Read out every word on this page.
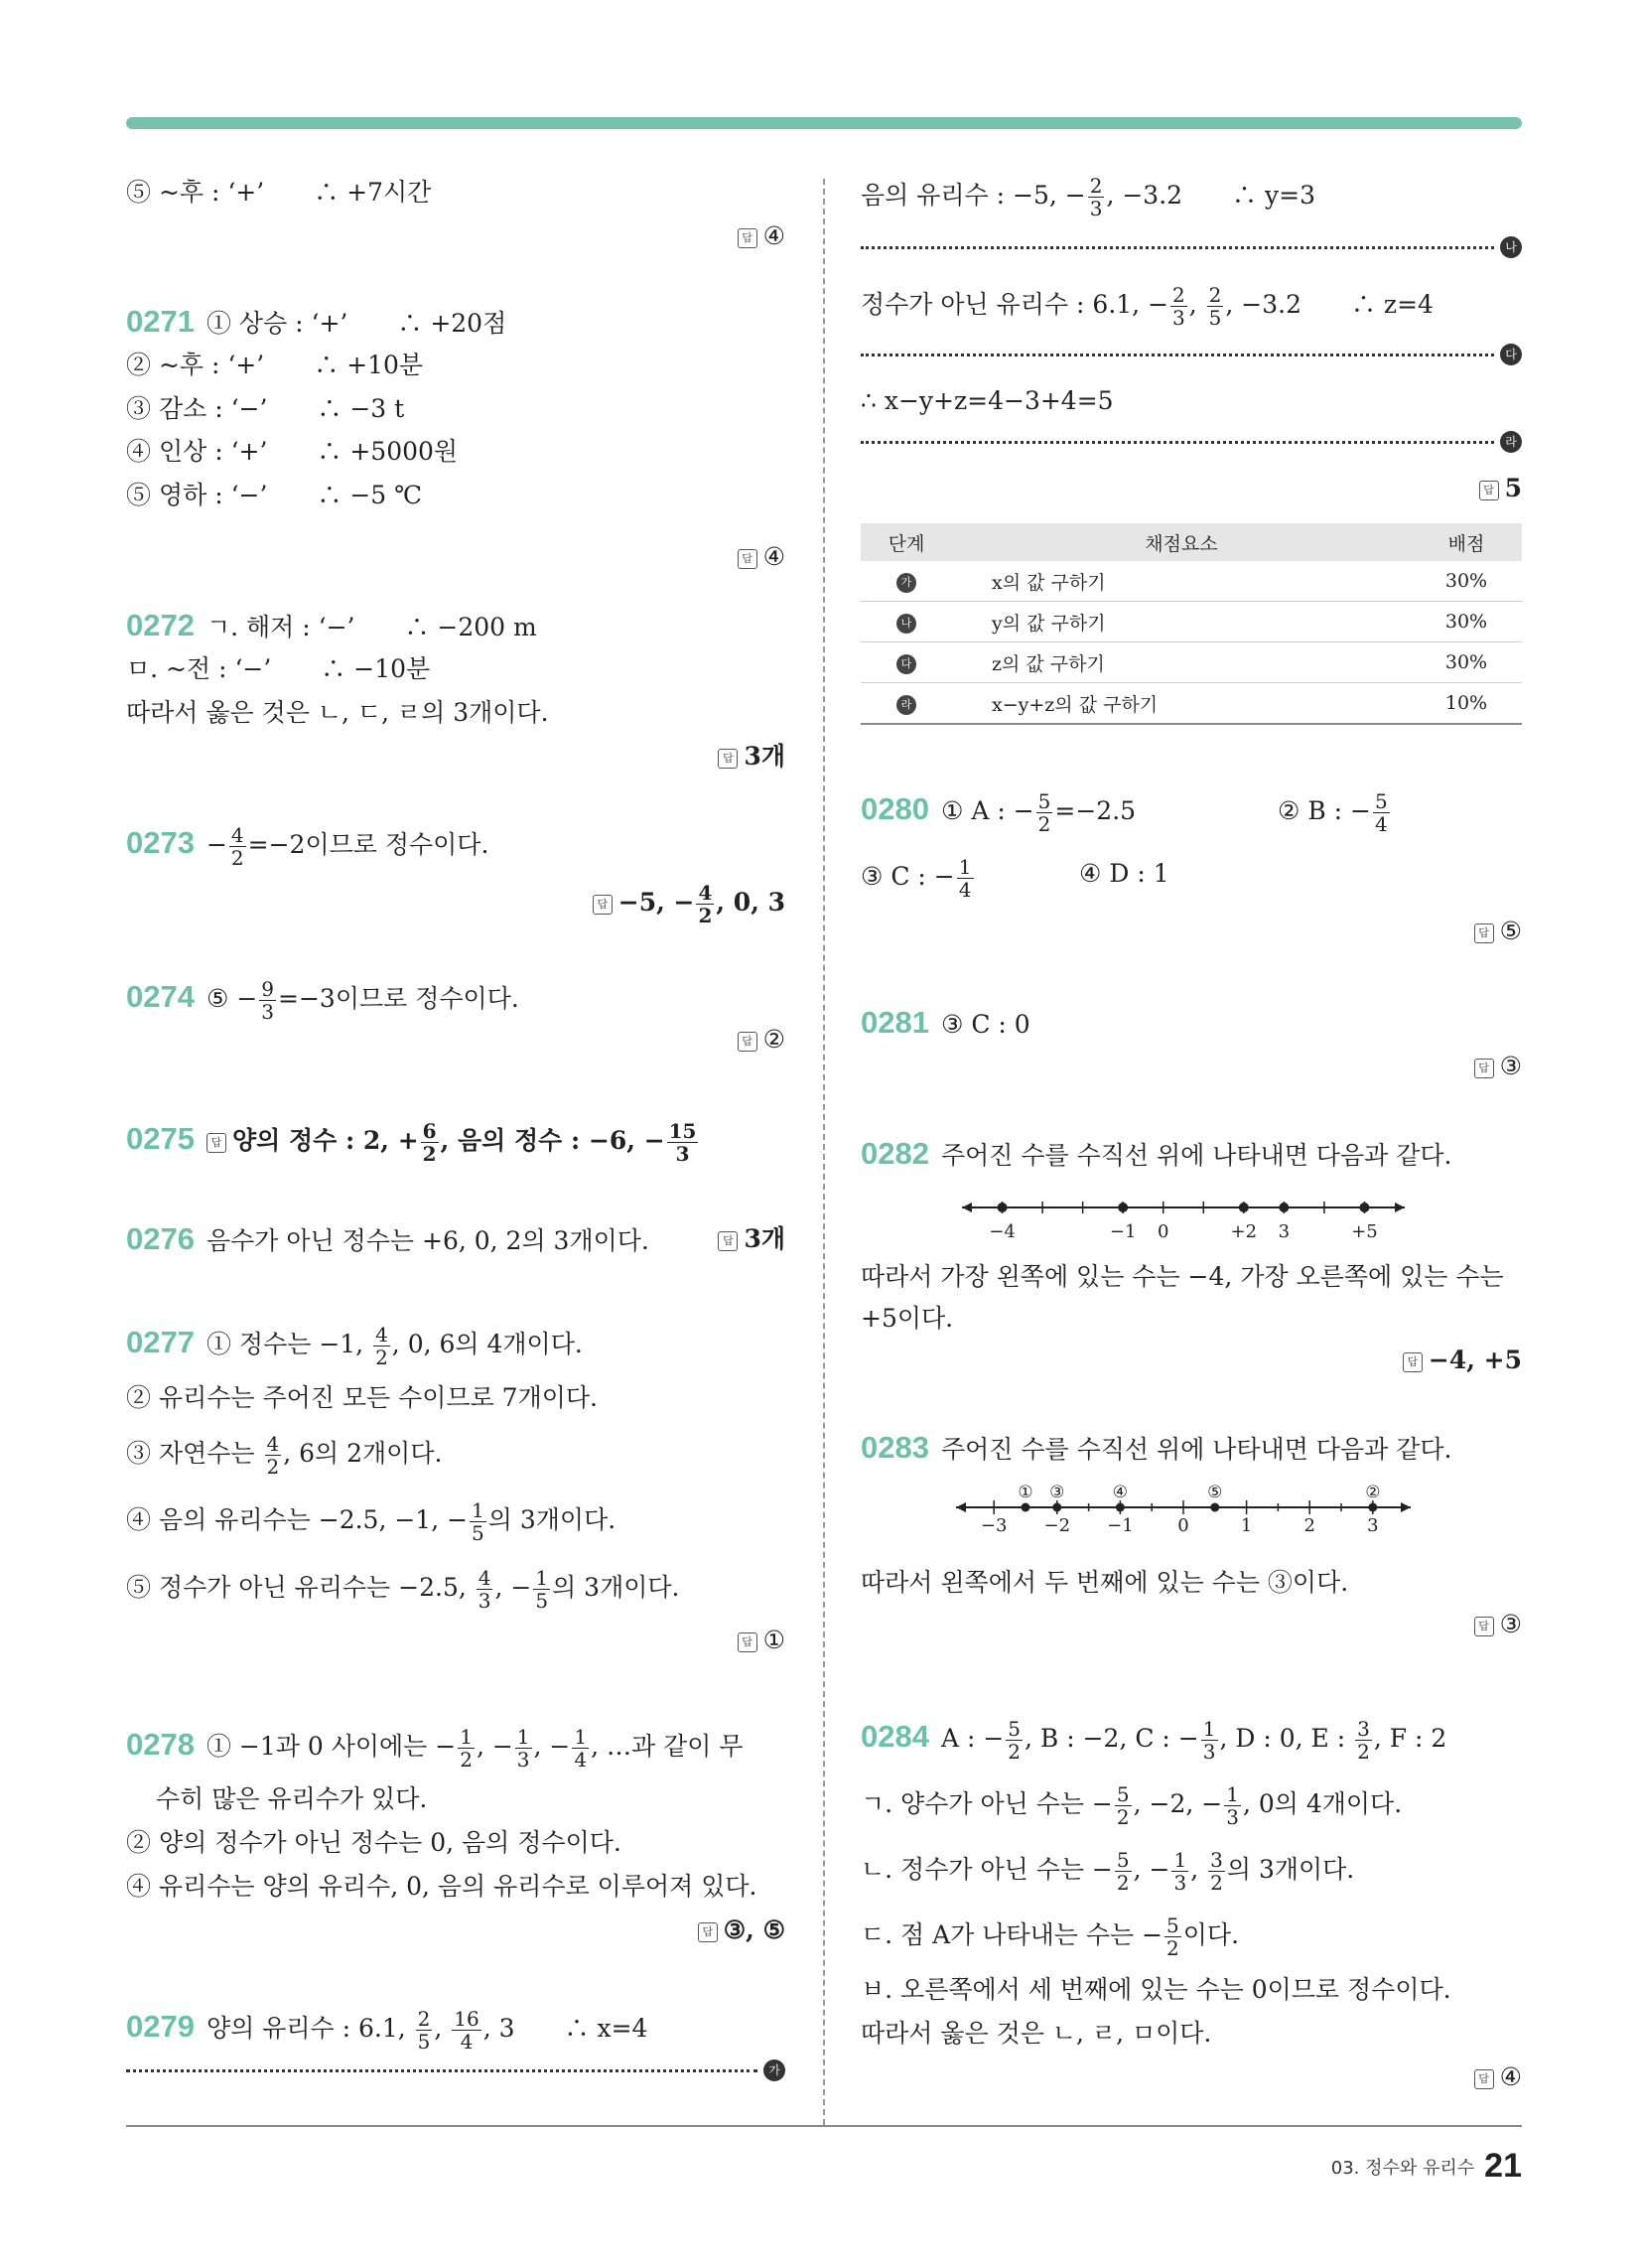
⑤ ~후 : ‘+’　　∴ +7시간
답 ④
0271 ① 상승 : ‘+’　　∴ +20점
② ~후 : ‘+’　　∴ +10분
③ 감소 : ‘−’　　∴ −3 t
④ 인상 : ‘+’　　∴ +5000원
⑤ 영하 : ‘−’　　∴ −5 ℃
답 ④
0272 ㄱ. 해저 : ‘−’　　∴ −200 m
ㅁ. ~전 : ‘−’　　∴ −10분
따라서 옳은 것은 ㄴ, ㄷ, ㄹ의 3개이다.
답 3개
$0273 - \frac{4}{2} =-2$이므로 정수이다.
답 −5, − $\frac{4}{2}$ , 0, 3
0274 ⑤ − $\frac{9}{3} =-3$이므로 정수이다.
답 ②
0275 답 양의 정수 : 2, + $\frac{6}{2}$ , 음의 정수 : −6, − $\frac{15}{3}$
0276 음수가 아닌 정수는 +6, 0, 2의 3개이다.	답 3개
0277 ① 정수는 −1, $\frac{4}{2}$ , 0, 6의 4개이다.
② 유리수는 주어진 모든 수이므로 7개이다.
③ 자연수는 $\frac{4}{2}$ , 6의 2개이다.
④ 음의 유리수는 −2.5, −1, − $\frac{1}{5}$ 의 3개이다.
⑤ 정수가 아닌 유리수는 −2.5, $\frac{4}{3}$ , − $\frac{1}{5}$ 의 3개이다.
답 ①
0278 ① −1과 0 사이에는 − $\frac{1}{2}$ , − $\frac{1}{3}$ , − $\frac{1}{4}$ , …과 같이 무
수히 많은 유리수가 있다.
② 양의 정수가 아닌 정수는 0, 음의 정수이다.
④ 유리수는 양의 유리수, 0, 음의 유리수로 이루어져 있다.
답 ③, ⑤
0279 양의 유리수 : 6.1, $\frac{2}{5}$ , $\frac{16}{4}$ , 3　　∴ x=4
가
음의 유리수 : −5, − $\frac{2}{3}$ , −3.2　　∴ y=3
나
정수가 아닌 유리수 : 6.1, − $\frac{2}{3}$ , $\frac{2}{5}$ , −3.2　　∴ z=4
다
∴ x−y+z=4−3+4=5
라
답 5
단계	채점요소	배점
가	x의 값 구하기	30%
나	y의 값 구하기	30%
다	z의 값 구하기	30%
라	x−y+z의 값 구하기	10%
0280 ① A : − $\frac{5}{2} =-2.5$	② B : − $\frac{5}{4}$
③ C : − $\frac{1}{4}$	④ D : 1
답 ⑤
0281 ③ C : 0
답 ③
0282 주어진 수를 수직선 위에 나타내면 다음과 같다.
−4	−1 0	+2 3	+5
따라서 가장 왼쪽에 있는 수는 −4, 가장 오른쪽에 있는 수는
+5이다.
답 −4, +5
0283 주어진 수를 수직선 위에 나타내면 다음과 같다.
−3 −2 −1 0	1	2	3
① ③	④	⑤	②
따라서 왼쪽에서 두 번째에 있는 수는 ③이다.
답 ③
0284 A : − $\frac{5}{2}$ , B : −2, C : − $\frac{1}{3}$ , D : 0, E : $\frac{3}{2}$ , F : 2
ㄱ. 양수가 아닌 수는 − $\frac{5}{2}$ , −2, − $\frac{1}{3}$ , 0의 4개이다.
ㄴ. 정수가 아닌 수는 − $\frac{5}{2}$ , − $\frac{1}{3}$ , $\frac{3}{2}$ 의 3개이다.
ㄷ. 점 A가 나타내는 수는 − $\frac{5}{2}$ 이다.
ㅂ. 오른쪽에서 세 번째에 있는 수는 0이므로 정수이다.
따라서 옳은 것은 ㄴ, ㄹ, ㅁ이다.
답 ④
03. 정수와 유리수 21
